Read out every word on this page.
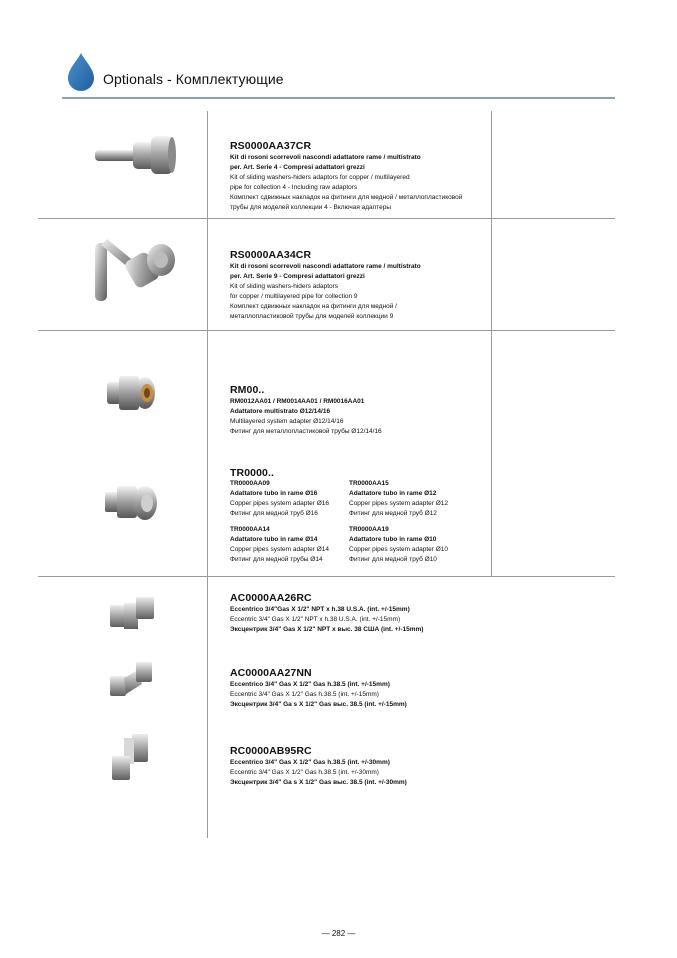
Optionals - Комплектующие
RS0000AA37CR
Kit di rosoni scorrevoli nascondi adattatore rame / multistrato
per. Art. Serie 4 - Compresi adattatori grezzi
Kit of sliding washers-hiders adaptors for copper / multilayered
pipe for collection 4 - Including raw adaptors
Комплект сдвижных накладок на фитинги для медной / металлопластиковой
трубы для моделей коллекции 4 - Включая адаптеры
RS0000AA34CR
Kit di rosoni scorrevoli nascondi adattatore rame / multistrato
per. Art. Serie 9 - Compresi adattatori grezzi
Kit of sliding washers-hiders adaptors
for copper / multilayered pipe for collection 9
Комплект сдвижных накладок на фитинги для медной /
металлопластиковой трубы для моделей коллекции 9
RM00..
RM0012AA01 / RM0014AA01 / RM0016AA01
Adattatore multistrato Ø12/14/16
Multilayered system adapter Ø12/14/16
Фитинг для металлопластиковой трубы Ø12/14/16
TR0000..
TR0000AA09
Adattatore tubo in rame Ø16
Copper pipes system adapter Ø16
Фитинг для медной труб Ø16
TR0000AA15
Adattatore tubo in rame Ø12
Copper pipes system adapter Ø12
Фитинг для медной труб Ø12
TR0000AA14
Adattatore tubo in rame Ø14
Copper pipes system adapter Ø14
Фитинг для медной трубы Ø14
TR0000AA19
Adattatore tubo in rame Ø10
Copper pipes system adapter Ø10
Фитинг для медной труб Ø10
AC0000AA26RC
Eccentrico 3/4"Gas X 1/2" NPT x h.38 U.S.A. (int. +/-15mm)
Eccentric 3/4" Gas X 1/2" NPT x h.38 U.S.A. (int. +/-15mm)
Эксцентрик 3/4" Gas X 1/2" NPT x выс. 38 США (int. +/-15mm)
AC0000AA27NN
Eccentrico 3/4" Gas X 1/2" Gas h.38.5 (int. +/-15mm)
Eccentric 3/4" Gas X 1/2" Gas h.38.5 (int. +/-15mm)
Эксцентрик 3/4" Ga s X 1/2" Gas выс. 38.5 (int. +/-15mm)
RC0000AB95RC
Eccentrico 3/4" Gas X 1/2" Gas h.38.5 (int. +/-30mm)
Eccentric 3/4" Gas X 1/2" Gas h.38.5 (int. +/-30mm)
Эксцентрик 3/4" Ga s X 1/2" Gas выс. 38.5 (int. +/-30mm)
— 282 —
